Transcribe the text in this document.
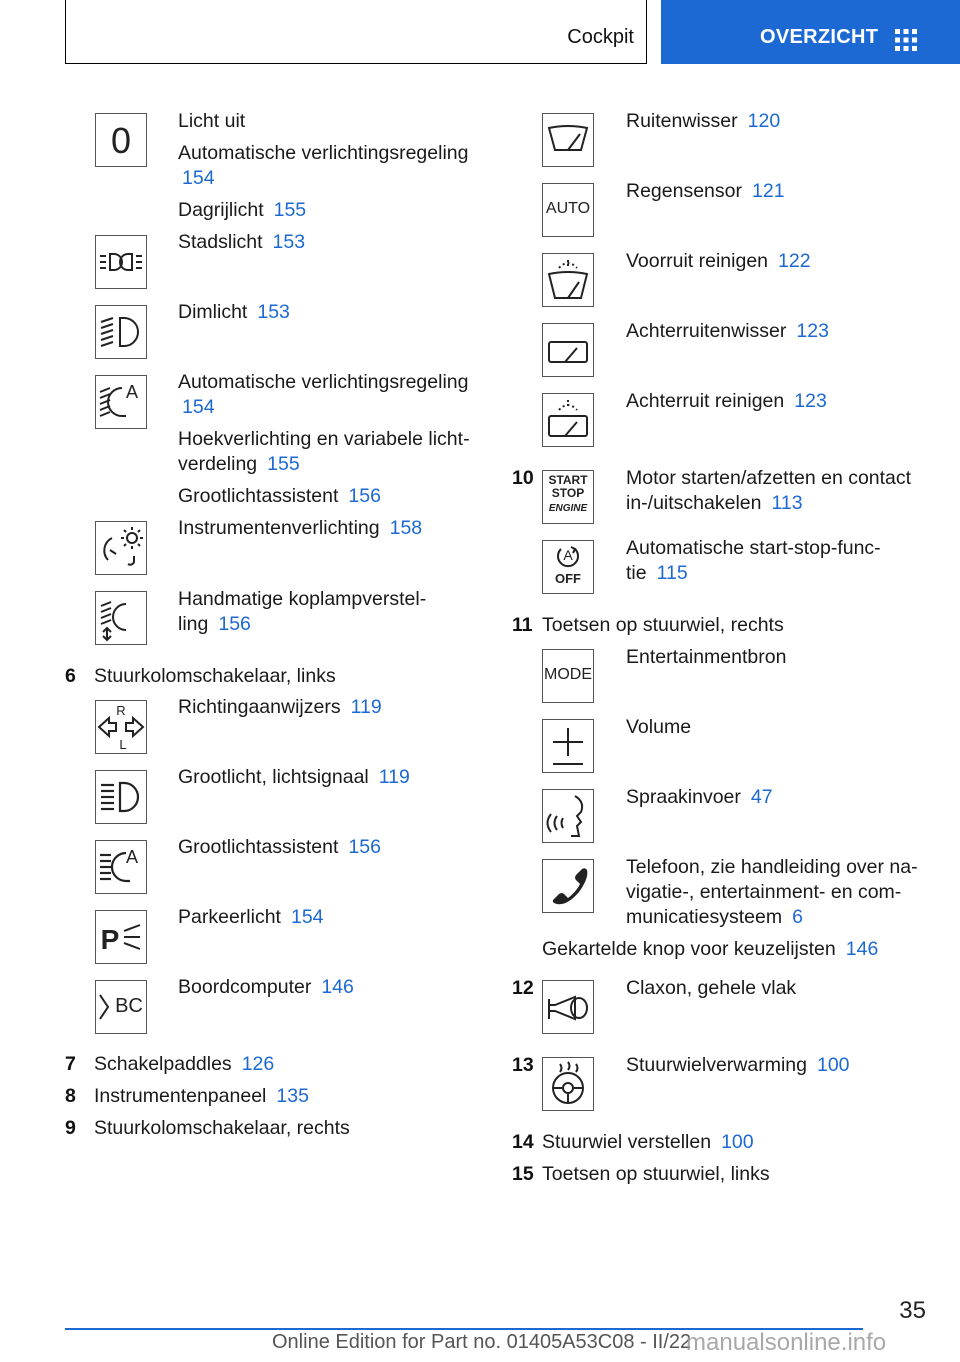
Cockpit	OVERZICHT
0	Licht uit
Automatische verlichtingsregeling
154
Dagrijlicht 155
Stadslicht 153
Dimlicht 153
A	Automatische verlichtingsregeling
154
Hoekverlichting en variabele licht-
verdeling 155
Grootlichtassistent 156
Instrumentenverlichting 158
Handmatige koplampverstel-
ling 156
6 Stuurkolomschakelaar, links
R
L
Richtingaanwijzers 119
Grootlicht, lichtsignaal 119
A	Grootlichtassistent 156
P
Parkeerlicht 154
BC
Boordcomputer 146
7 Schakelpaddles 126
8 Instrumentenpaneel 135
9 Stuurkolomschakelaar, rechts
Ruitenwisser 120
AUTO
Regensensor 121
Voorruit reinigen 122
Achterruitenwisser 123
Achterruit reinigen 123
10	START
STOP
ENGINE
Motor starten/afzetten en contact
in-/uitschakelen 113
A
OFF
Automatische start-stop-func-
tie 115
11 Toetsen op stuurwiel, rechts
MODE
Entertainmentbron
Volume
Spraakinvoer 47
Telefoon, zie handleiding over na-
vigatie-, entertainment- en com-
municatiesysteem 6
Gekartelde knop voor keuzelijsten 146
12	Claxon, gehele vlak
13	Stuurwielverwarming 100
14 Stuurwiel verstellen 100
15 Toetsen op stuurwiel, links
35
Online Edition for Part no. 01405A53C08 - II/22
manualsonline.info
